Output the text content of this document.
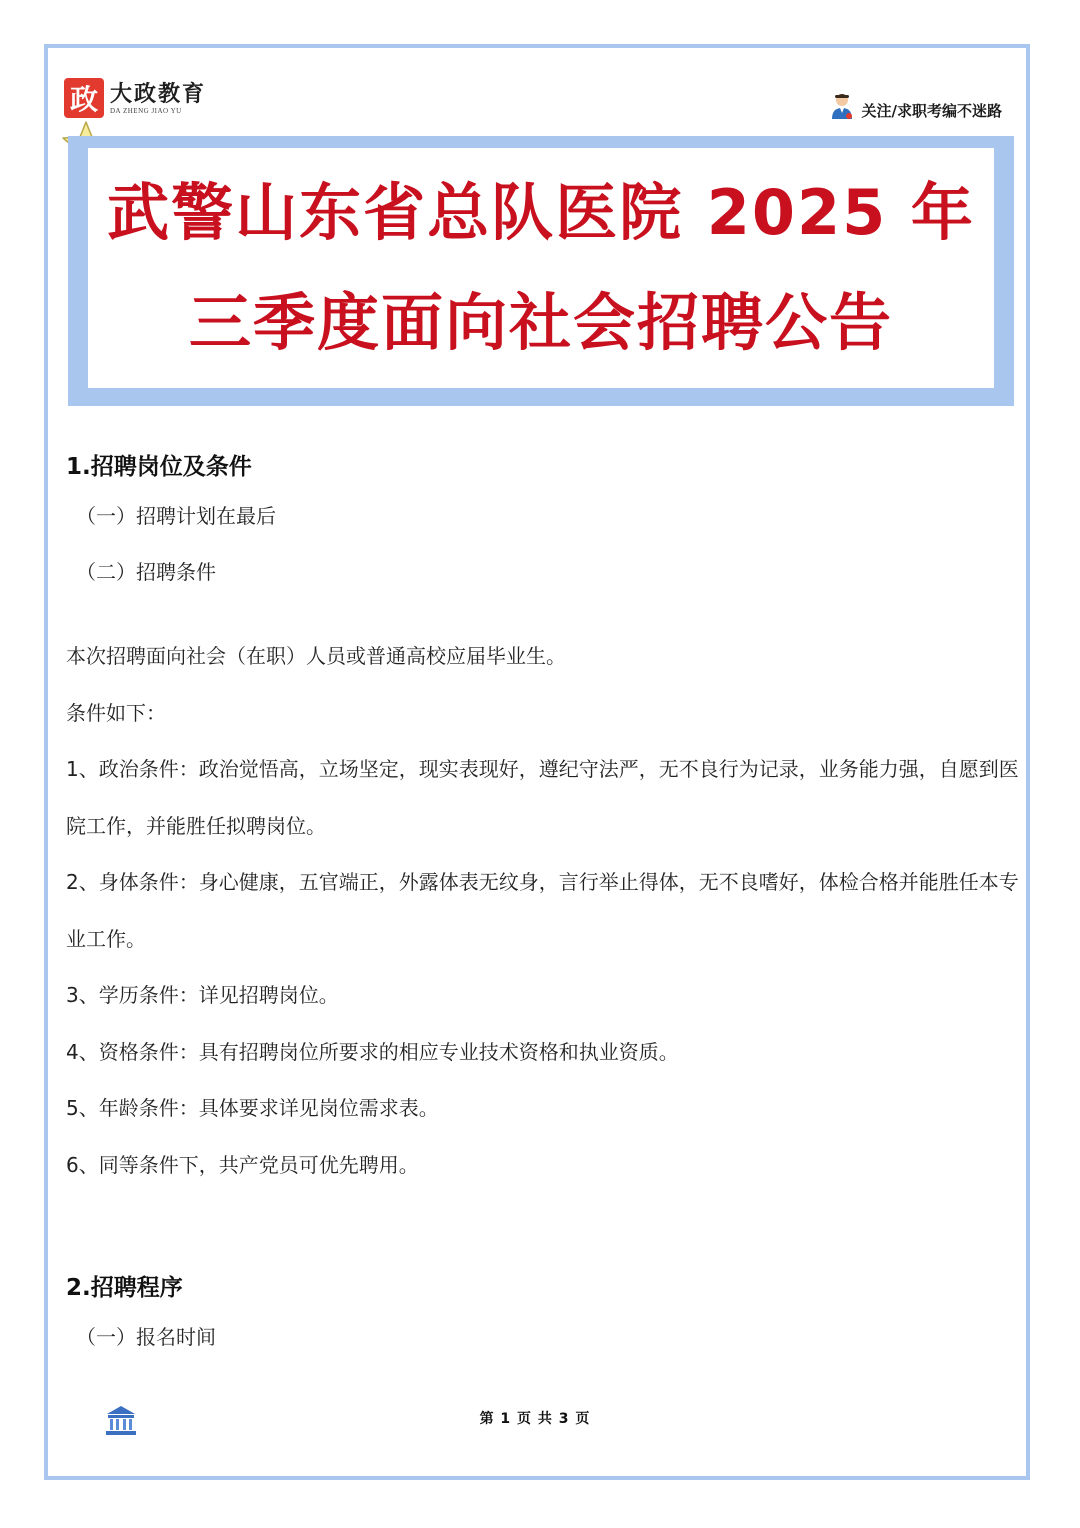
政 大政教育
DA ZHENG JIAO YU	关注/求职考编不迷路
武警山东省总队医院 2025 年
三季度面向社会招聘公告
1.招聘岗位及条件
（一）招聘计划在最后
（二）招聘条件

本次招聘面向社会（在职）人员或普通高校应届毕业生。

条件如下：

1、政治条件：政治觉悟高，立场坚定，现实表现好，遵纪守法严，无不良行为记录，业务能力强，自愿到医院工作，并能胜任拟聘岗位。

2、身体条件：身心健康，五官端正，外露体表无纹身，言行举止得体，无不良嗜好，体检合格并能胜任本专业工作。

3、学历条件：详见招聘岗位。

4、资格条件：具有招聘岗位所要求的相应专业技术资格和执业资质。

5、年龄条件：具体要求详见岗位需求表。

6、同等条件下，共产党员可优先聘用。

2.招聘程序
（一）报名时间
第 1 页 共 3 页
